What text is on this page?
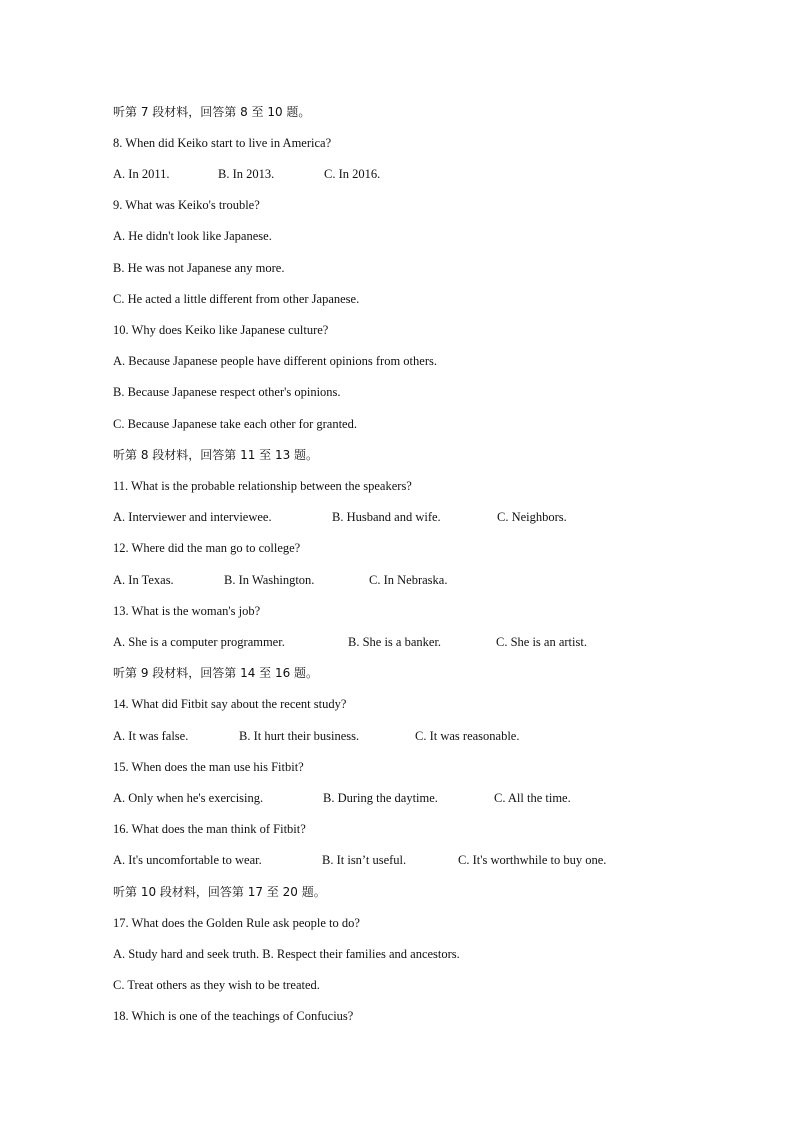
听第 7 段材料，回答第 8 至 10 题。
8. When did Keiko start to live in America?
A. In 2011.	B. In 2013.	C. In 2016.
9. What was Keiko's trouble?
A. He didn't look like Japanese.
B. He was not Japanese any more.
C. He acted a little different from other Japanese.
10. Why does Keiko like Japanese culture?
A. Because Japanese people have different opinions from others.
B. Because Japanese respect other's opinions.
C. Because Japanese take each other for granted.
听第 8 段材料，回答第 11 至 13 题。
11. What is the probable relationship between the speakers?
A. Interviewer and interviewee.	B. Husband and wife.	C. Neighbors.
12. Where did the man go to college?
A. In Texas.	B. In Washington.	C. In Nebraska.
13. What is the woman's job?
A. She is a computer programmer.	B. She is a banker.	C. She is an artist.
听第 9 段材料，回答第 14 至 16 题。
14. What did Fitbit say about the recent study?
A. It was false.	B. It hurt their business.	C. It was reasonable.
15. When does the man use his Fitbit?
A. Only when he's exercising.	B. During the daytime.	C. All the time.
16. What does the man think of Fitbit?
A. It's uncomfortable to wear.	B. It isn’t useful.	C. It's worthwhile to buy one.
听第 10 段材料，回答第 17 至 20 题。
17. What does the Golden Rule ask people to do?
A. Study hard and seek truth. B. Respect their families and ancestors.
C. Treat others as they wish to be treated.
18. Which is one of the teachings of Confucius?
